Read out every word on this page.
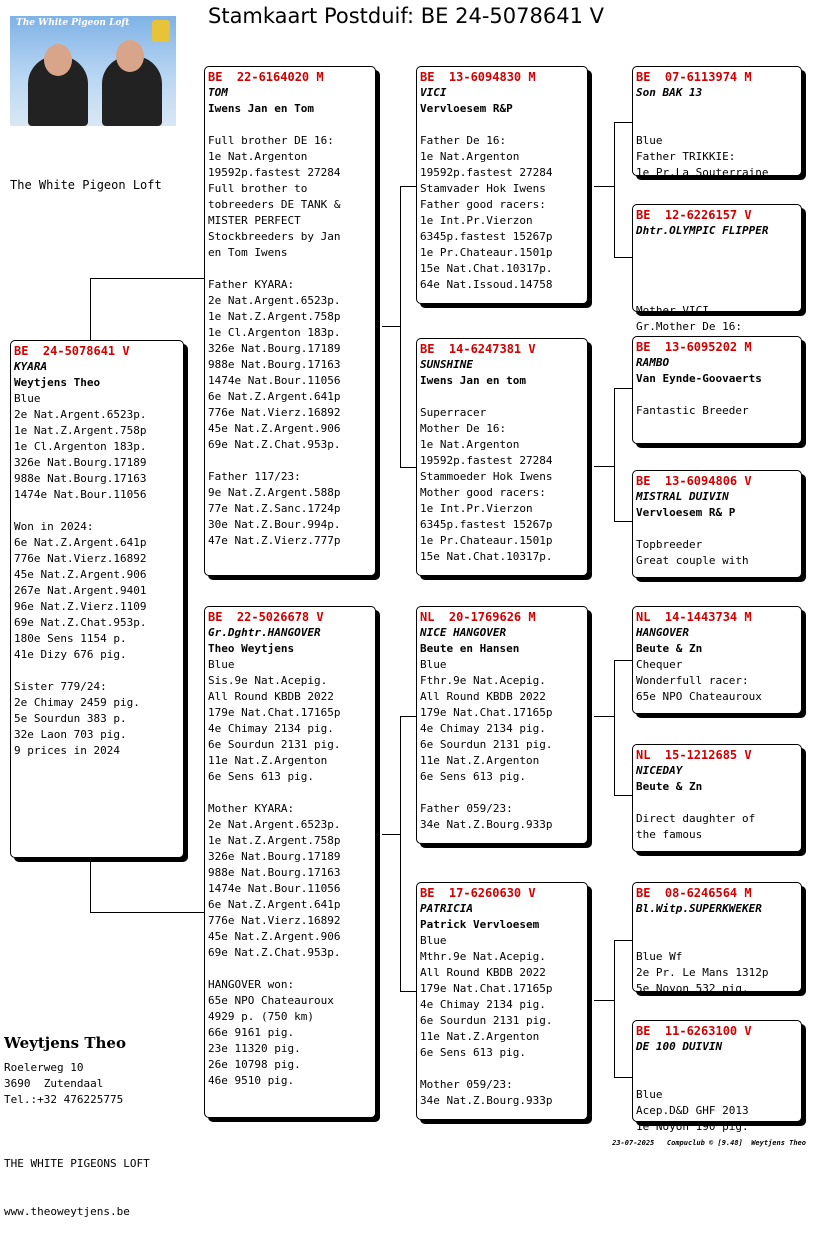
Stamkaart Postduif: BE 24-5078641 V
The White Pigeon Loft
The White Pigeon Loft
BE  24-5078641 V
KYARA
Weytjens Theo
Blue
2e Nat.Argent.6523p.
1e Nat.Z.Argent.758p
1e Cl.Argenton 183p.
326e Nat.Bourg.17189
988e Nat.Bourg.17163
1474e Nat.Bour.11056
Won in 2024:
6e Nat.Z.Argent.641p
776e Nat.Vierz.16892
45e Nat.Z.Argent.906
267e Nat.Argent.9401
96e Nat.Z.Vierz.1109
69e Nat.Z.Chat.953p.
180e Sens 1154 p.
41e Dizy 676 pig.
Sister 779/24:
2e Chimay 2459 pig.
5e Sourdun 383 p.
32e Laon 703 pig.
9 prices in 2024
BE  22-6164020 M
TOM
Iwens Jan en Tom
Full brother DE 16:
1e Nat.Argenton
19592p.fastest 27284
Full brother to
tobreeders DE TANK &
MISTER PERFECT
Stockbreeders by Jan
en Tom Iwens
Father KYARA:
2e Nat.Argent.6523p.
1e Nat.Z.Argent.758p
1e Cl.Argenton 183p.
326e Nat.Bourg.17189
988e Nat.Bourg.17163
1474e Nat.Bour.11056
6e Nat.Z.Argent.641p
776e Nat.Vierz.16892
45e Nat.Z.Argent.906
69e Nat.Z.Chat.953p.
Father 117/23:
9e Nat.Z.Argent.588p
77e Nat.Z.Sanc.1724p
30e Nat.Z.Bour.994p.
47e Nat.Z.Vierz.777p
BE  22-5026678 V
Gr.Dghtr.HANGOVER
Theo Weytjens
Blue
Sis.9e Nat.Acepig.
All Round KBDB 2022
179e Nat.Chat.17165p
4e Chimay 2134 pig.
6e Sourdun 2131 pig.
11e Nat.Z.Argenton
6e Sens 613 pig.
Mother KYARA:
2e Nat.Argent.6523p.
1e Nat.Z.Argent.758p
326e Nat.Bourg.17189
988e Nat.Bourg.17163
1474e Nat.Bour.11056
6e Nat.Z.Argent.641p
776e Nat.Vierz.16892
45e Nat.Z.Argent.906
69e Nat.Z.Chat.953p.
HANGOVER won:
65e NPO Chateauroux
4929 p. (750 km)
66e 9161 pig.
23e 11320 pig.
26e 10798 pig.
46e 9510 pig.
BE  13-6094830 M
VICI
Vervloesem R&P
Father De 16:
1e Nat.Argenton
19592p.fastest 27284
Stamvader Hok Iwens
Father good racers:
1e Int.Pr.Vierzon
6345p.fastest 15267p
1e Pr.Chateaur.1501p
15e Nat.Chat.10317p.
64e Nat.Issoud.14758
BE  14-6247381 V
SUNSHINE
Iwens Jan en tom
Superracer
Mother De 16:
1e Nat.Argenton
19592p.fastest 27284
Stammoeder Hok Iwens
Mother good racers:
1e Int.Pr.Vierzon
6345p.fastest 15267p
1e Pr.Chateaur.1501p
15e Nat.Chat.10317p.
NL  20-1769626 M
NICE HANGOVER
Beute en Hansen
Blue
Fthr.9e Nat.Acepig.
All Round KBDB 2022
179e Nat.Chat.17165p
4e Chimay 2134 pig.
6e Sourdun 2131 pig.
11e Nat.Z.Argenton
6e Sens 613 pig.
Father 059/23:
34e Nat.Z.Bourg.933p
BE  17-6260630 V
PATRICIA
Patrick Vervloesem
Blue
Mthr.9e Nat.Acepig.
All Round KBDB 2022
179e Nat.Chat.17165p
4e Chimay 2134 pig.
6e Sourdun 2131 pig.
11e Nat.Z.Argenton
6e Sens 613 pig.
Mother 059/23:
34e Nat.Z.Bourg.933p
BE  07-6113974 M
Son BAK 13
Blue
Father TRIKKIE:
1e Pr.La Souterraine
BE  12-6226157 V
Dhtr.OLYMPIC FLIPPER
Mother VICI
Gr.Mother De 16:
BE  13-6095202 M
RAMBO
Van Eynde-Goovaerts
Fantastic Breeder
BE  13-6094806 V
MISTRAL DUIVIN
Vervloesem R& P
Topbreeder
Great couple with
NL  14-1443734 M
HANGOVER
Beute & Zn
Chequer
Wonderfull racer:
65e NPO Chateauroux
NL  15-1212685 V
NICEDAY
Beute & Zn
Direct daughter of
the famous
BE  08-6246564 M
Bl.Witp.SUPERKWEKER
Blue Wf
2e Pr. Le Mans 1312p
5e Noyon 532 pig.
BE  11-6263100 V
DE 100 DUIVIN
Blue
Acep.D&D GHF 2013
1e Noyon 190 pig.
Weytjens Theo
Roelerweg 10
3690  Zutendaal
Tel.:+32 476225775

THE WHITE PIGEONS LOFT

www.theoweytjens.be

23-07-2025   Compuclub © [9.48]  Weytjens Theo
